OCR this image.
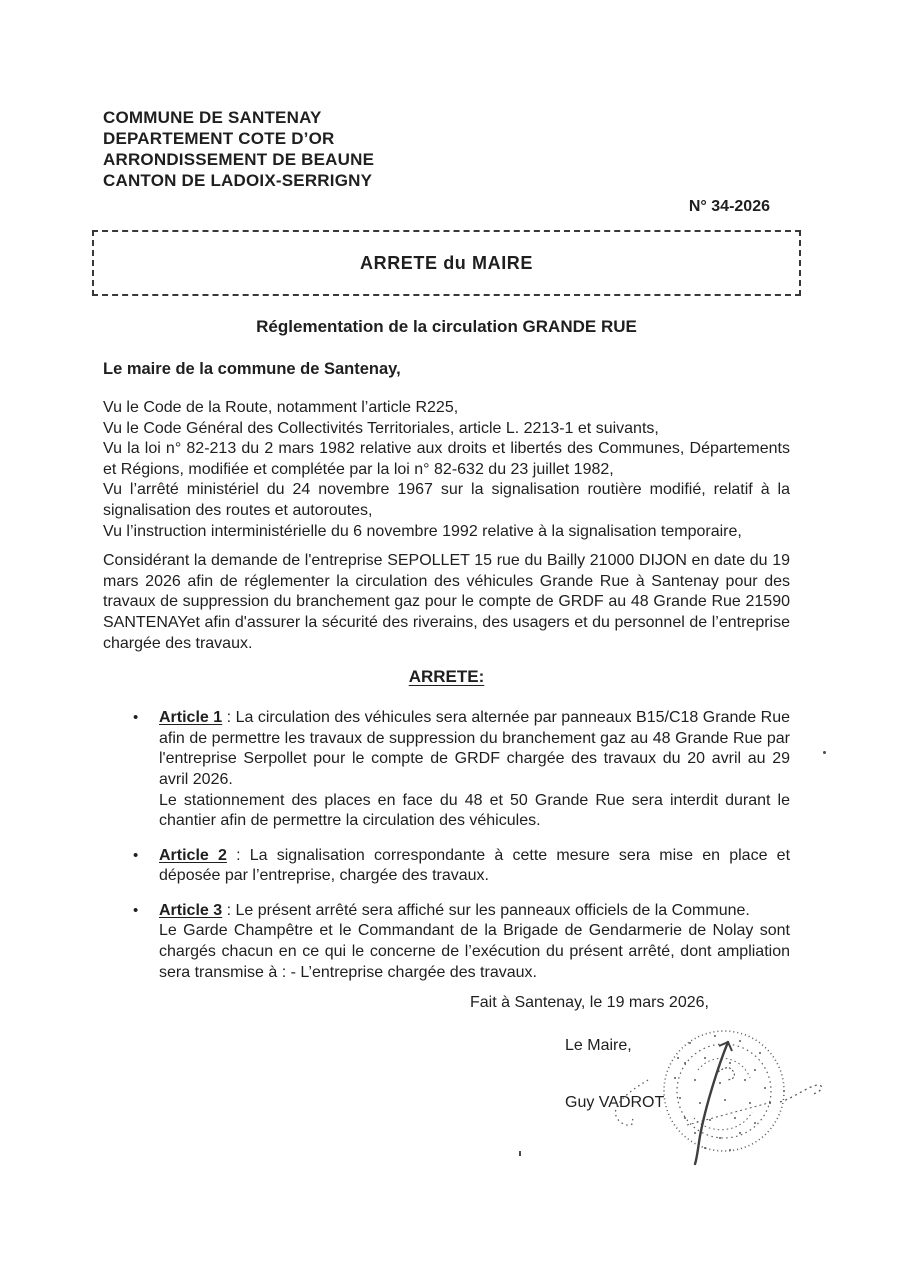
COMMUNE DE SANTENAY
DEPARTEMENT COTE D’OR
ARRONDISSEMENT DE BEAUNE
CANTON DE LADOIX-SERRIGNY
N° 34-2026
ARRETE du MAIRE
Réglementation de la circulation GRANDE RUE
Le maire de la commune de Santenay,

Vu le Code de la Route, notamment l’article R225,

Vu le Code Général des Collectivités Territoriales, article L. 2213-1 et suivants,

Vu la loi n° 82-213 du 2 mars 1982 relative aux droits et libertés des Communes, Départements et Régions, modifiée et complétée par la loi n° 82-632 du 23 juillet 1982,

Vu l’arrêté ministériel du 24 novembre 1967 sur la signalisation routière modifié, relatif à la signalisation des routes et autoroutes,

Vu l’instruction interministérielle du 6 novembre 1992 relative à la signalisation temporaire,

Considérant la demande de l'entreprise SEPOLLET 15 rue du Bailly 21000 DIJON en date du 19 mars 2026 afin de réglementer la circulation des véhicules Grande Rue à Santenay pour des travaux de suppression du branchement gaz pour le compte de GRDF au 48 Grande Rue 21590 SANTENAYet afin d'assurer la sécurité des riverains, des usagers et du personnel de l’entreprise chargée des travaux.

ARRETE:
• Article 1 : La circulation des véhicules sera alternée par panneaux B15/C18 Grande Rue afin de permettre les travaux de suppression du branchement gaz au 48 Grande Rue par l'entreprise Serpollet pour le compte de GRDF chargée des travaux du 20 avril au 29 avril 2026.

Le stationnement des places en face du 48 et 50 Grande Rue sera interdit durant le chantier afin de permettre la circulation des véhicules.

• Article 2 : La signalisation correspondante à cette mesure sera mise en place et déposée par l’entreprise, chargée des travaux.
• Article 3 : Le présent arrêté sera affiché sur les panneaux officiels de la Commune.

Le Garde Champêtre et le Commandant de la Brigade de Gendarmerie de Nolay sont chargés chacun en ce qui le concerne de l’exécution du présent arrêté, dont ampliation sera transmise à : - L’entreprise chargée des travaux.

Fait à Santenay, le 19 mars 2026,
Le Maire,
Guy VADROT
